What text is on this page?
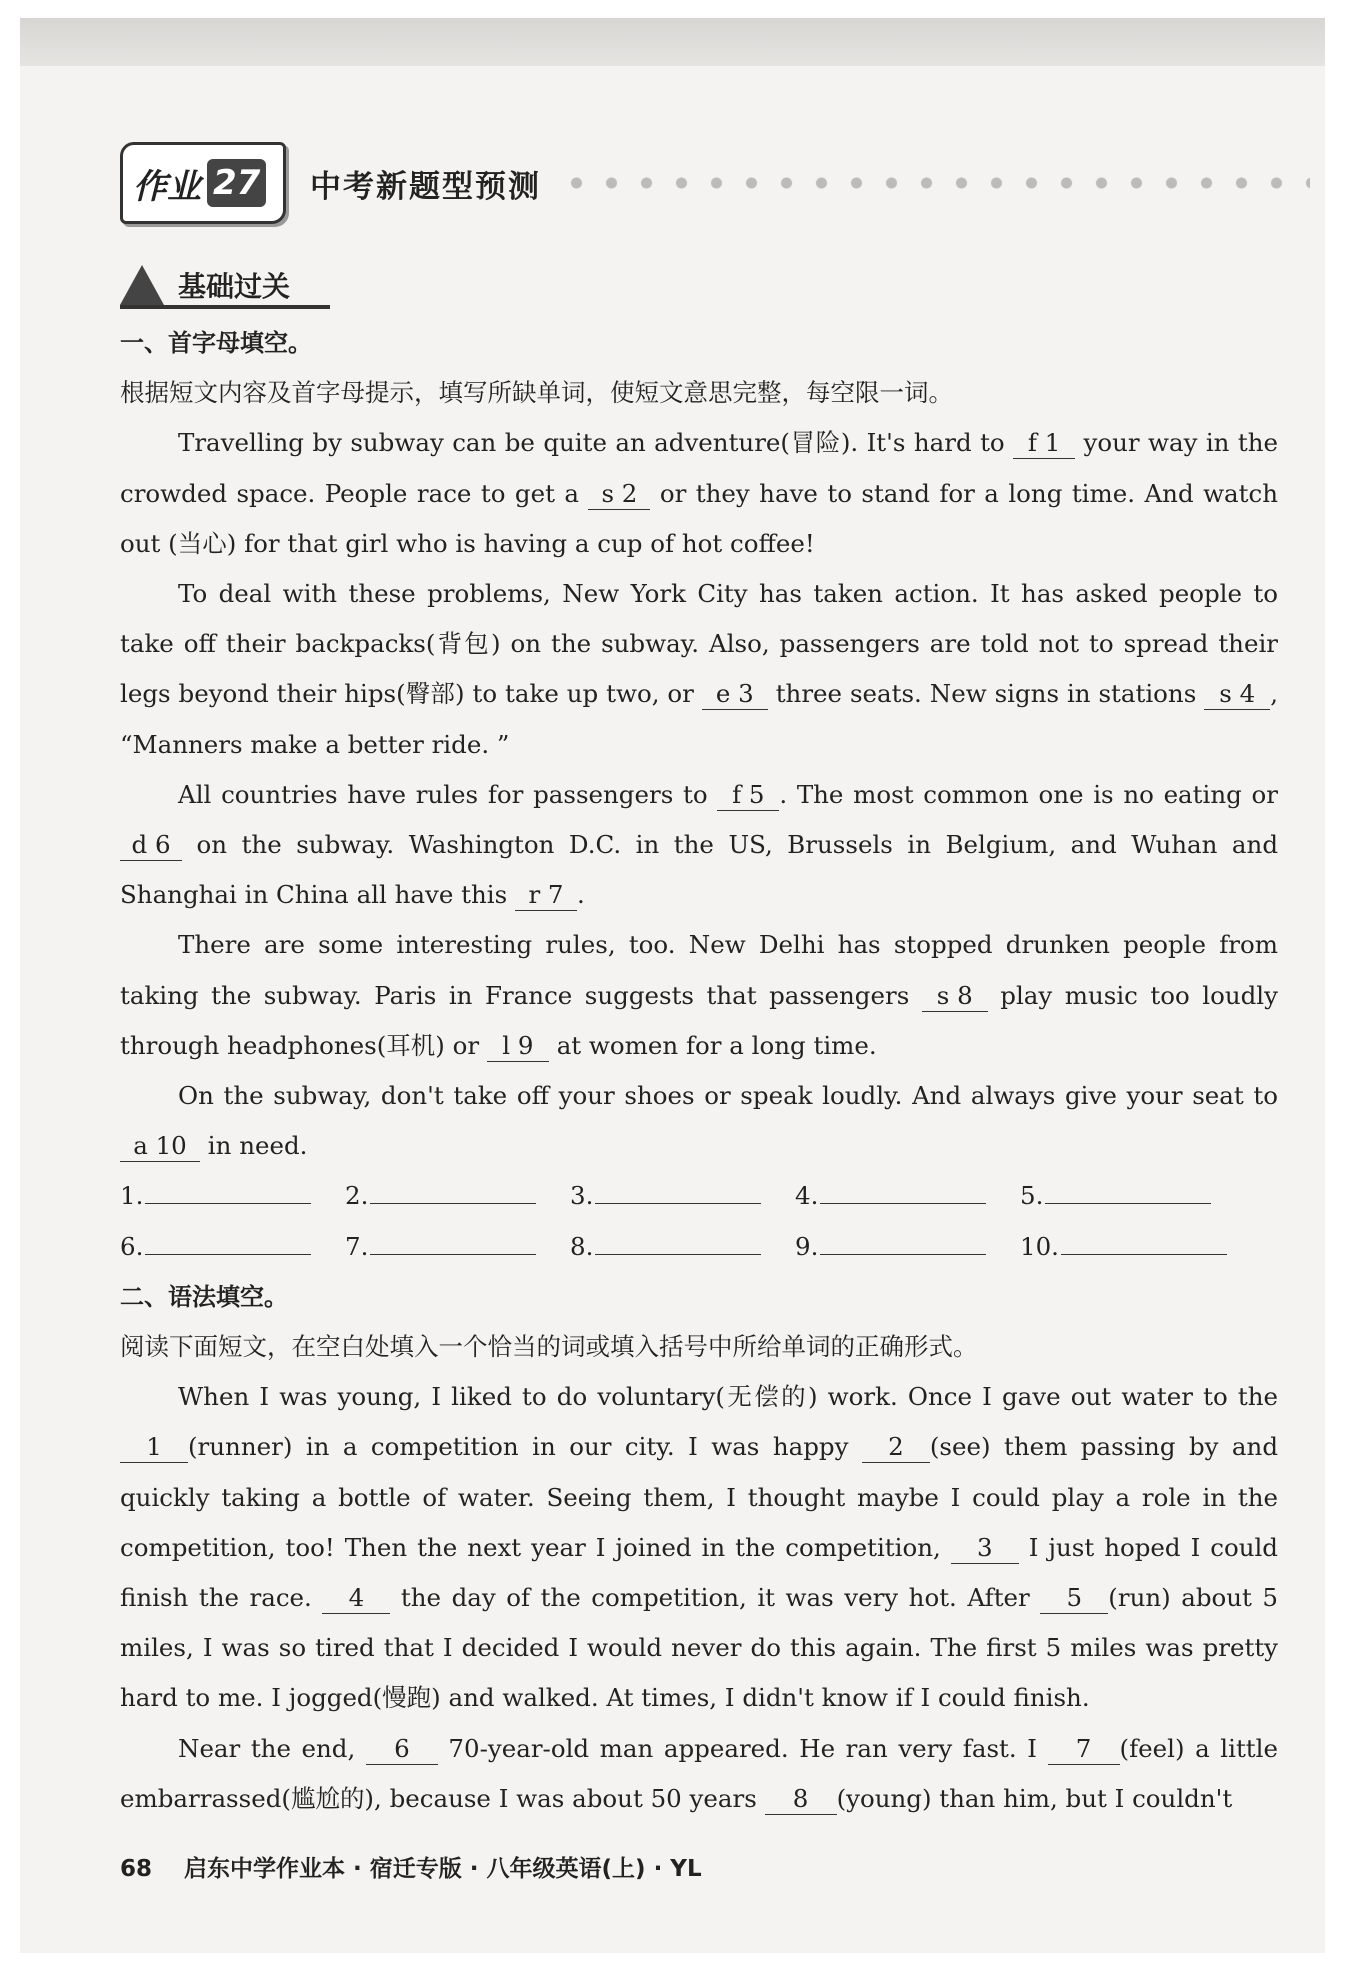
作业 27 中考新题型预测
基础过关

一、首字母填空。

根据短文内容及首字母提示，填写所缺单词，使短文意思完整，每空限一词。

Travelling by subway can be quite an adventure(冒险). It's hard to f 1 your way in the crowded space. People race to get a s 2 or they have to stand for a long time. And watch out (当心) for that girl who is having a cup of hot coffee!

To deal with these problems, New York City has taken action. It has asked people to take off their backpacks(背包) on the subway. Also, passengers are told not to spread their legs beyond their hips(臀部) to take up two, or e 3 three seats. New signs in stations s 4 , “Manners make a better ride. ”

All countries have rules for passengers to f 5 . The most common one is no eating or d 6 on the subway. Washington D.C. in the US, Brussels in Belgium, and Wuhan and Shanghai in China all have this r 7 .

There are some interesting rules, too. New Delhi has stopped drunken people from taking the subway. Paris in France suggests that passengers s 8 play music too loudly through headphones(耳机) or l 9 at women for a long time.

On the subway, don't take off your shoes or speak loudly. And always give your seat to a 10 in need.

1.	2.	3.	4.	5.
6.	7.	8.	9.	10.

二、语法填空。

阅读下面短文，在空白处填入一个恰当的词或填入括号中所给单词的正确形式。

When I was young, I liked to do voluntary(无偿的) work. Once I gave out water to the 1 (runner) in a competition in our city. I was happy 2 (see) them passing by and quickly taking a bottle of water. Seeing them, I thought maybe I could play a role in the competition, too! Then the next year I joined in the competition, 3 I just hoped I could finish the race. 4 the day of the competition, it was very hot. After 5 (run) about 5 miles, I was so tired that I decided I would never do this again. The first 5 miles was pretty hard to me. I jogged(慢跑) and walked. At times, I didn't know if I could finish.

Near the end, 6 70-year-old man appeared. He ran very fast. I 7 (feel) a little embarrassed(尴尬的), because I was about 50 years 8 (young) than him, but I couldn't

68 启东中学作业本 · 宿迁专版 · 八年级英语(上) · YL
